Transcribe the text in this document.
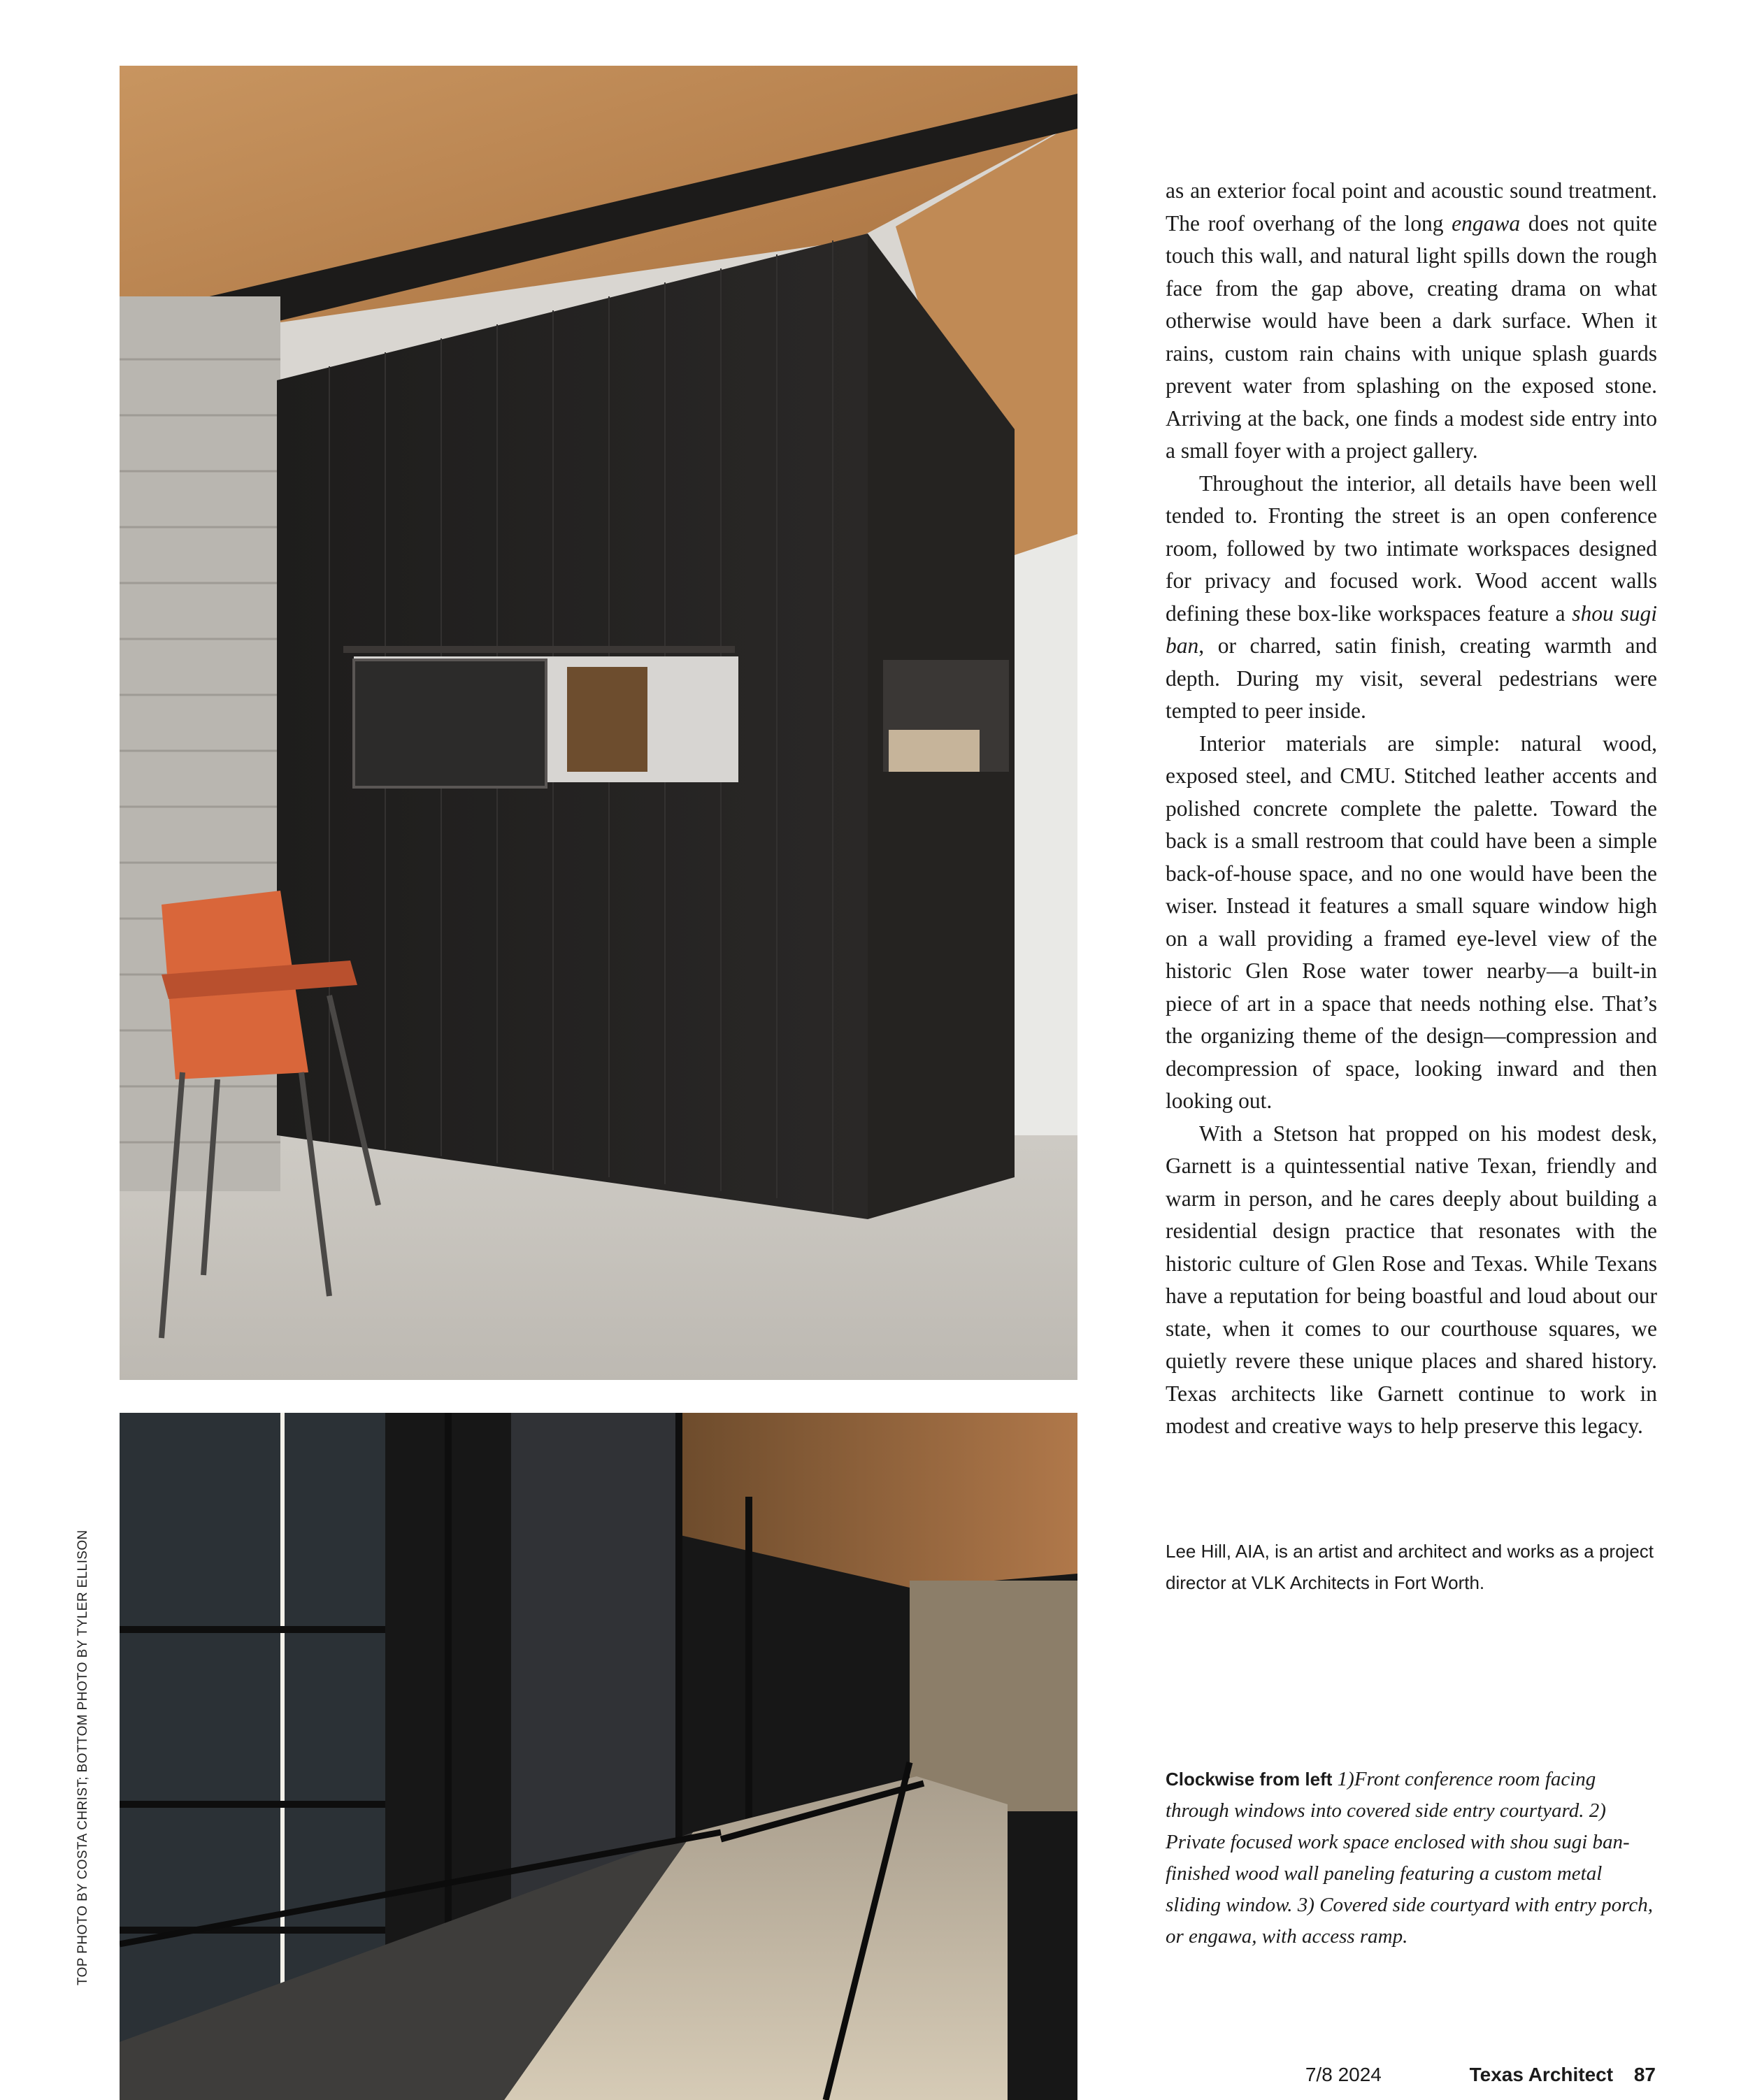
TOP PHOTO BY COSTA CHRIST; BOTTOM PHOTO BY TYLER ELLISON

as an exterior focal point and acoustic sound treatment. The roof overhang of the long engawa does not quite touch this wall, and natural light spills down the rough face from the gap above, creating drama on what otherwise would have been a dark surface. When it rains, custom rain chains with unique splash guards prevent water from splashing on the exposed stone. Arriving at the back, one finds a modest side entry into a small foyer with a project gallery.

Throughout the interior, all details have been well tended to. Fronting the street is an open conference room, followed by two intimate workspaces designed for privacy and focused work. Wood accent walls defining these box-like workspaces feature a shou sugi ban, or charred, satin finish, creating warmth and depth. During my visit, several pedestrians were tempted to peer inside.

Interior materials are simple: natural wood, exposed steel, and CMU. Stitched leather accents and polished concrete complete the palette. Toward the back is a small restroom that could have been a simple back-of-house space, and no one would have been the wiser. Instead it features a small square window high on a wall providing a framed eye-level view of the historic Glen Rose water tower nearby—a built-in piece of art in a space that needs nothing else. That’s the organizing theme of the design—compression and decompression of space, looking inward and then looking out.

With a Stetson hat propped on his modest desk, Garnett is a quintessential native Texan, friendly and warm in person, and he cares deeply about building a residential design practice that resonates with the historic culture of Glen Rose and Texas. While Texans have a reputation for being boastful and loud about our state, when it comes to our courthouse squares, we quietly revere these unique places and shared history. Texas architects like Garnett continue to work in modest and creative ways to help preserve this legacy.

Lee Hill, AIA, is an artist and architect and works as a project director at VLK Architects in Fort Worth.

Clockwise from left 1)Front conference room facing through windows into covered side entry courtyard. 2) Private focused work space enclosed with shou sugi ban-finished wood wall paneling featuring a custom metal sliding window. 3) Covered side courtyard with entry porch, or engawa, with access ramp.

7/8 2024	Texas Architect 87
